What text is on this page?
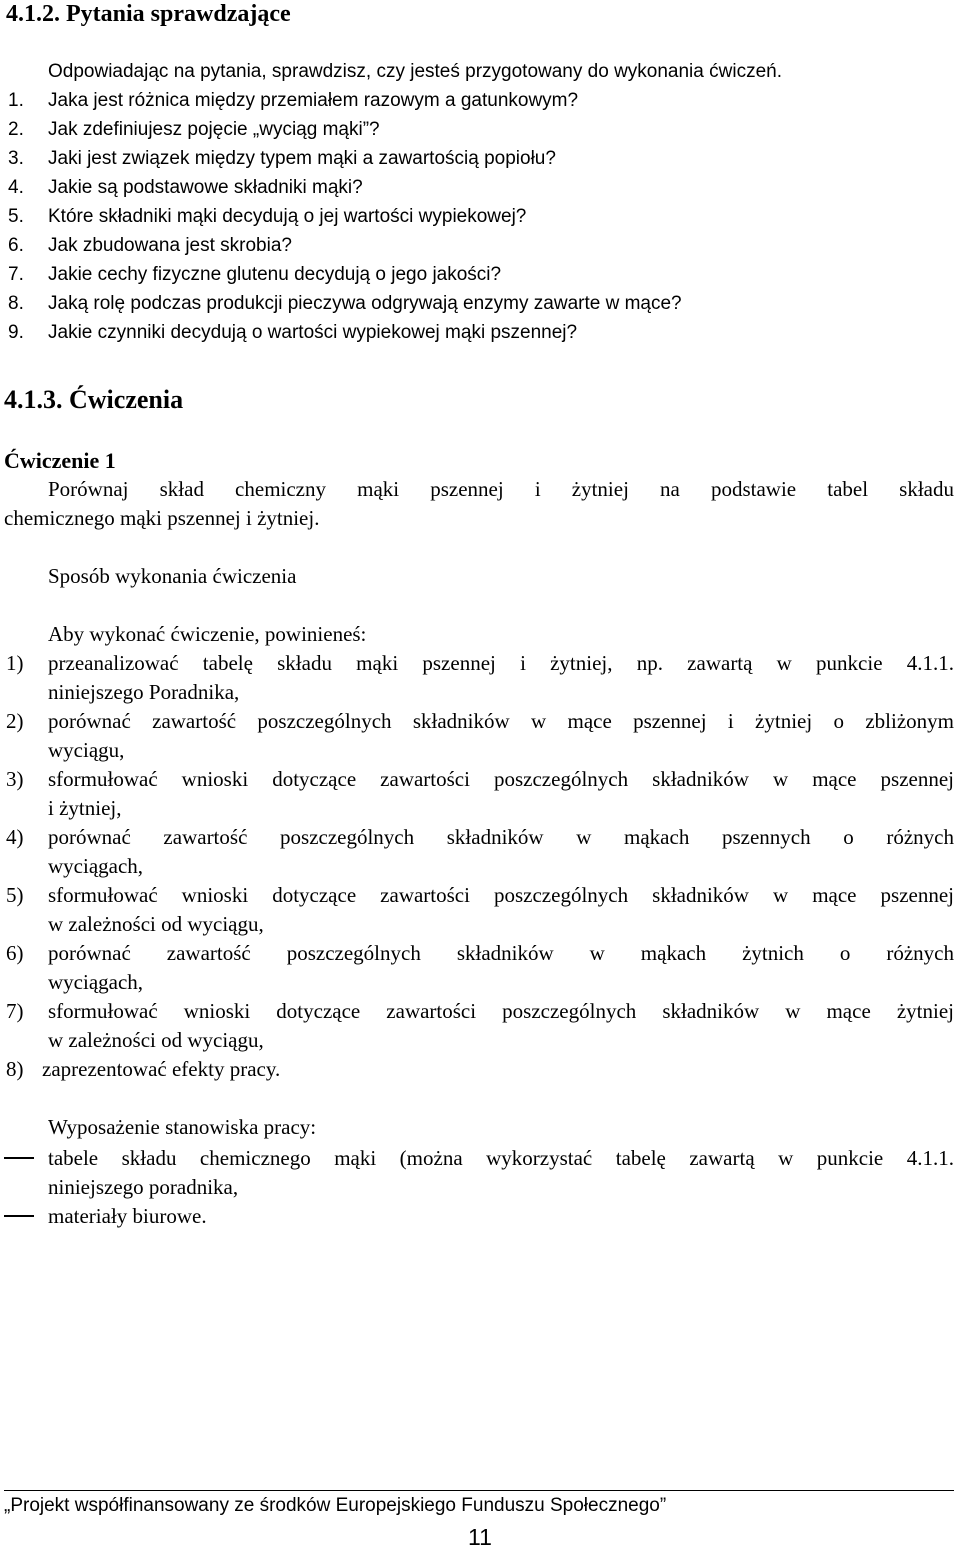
4.1.2. Pytania sprawdzające
Odpowiadając na pytania, sprawdzisz, czy jesteś przygotowany do wykonania ćwiczeń.
1. Jaka jest różnica między przemiałem razowym a gatunkowym?
2. Jak zdefiniujesz pojęcie „wyciąg mąki”?
3. Jaki jest związek między typem mąki a zawartością popiołu?
4. Jakie są podstawowe składniki mąki?
5. Które składniki mąki decydują o jej wartości wypiekowej?
6. Jak zbudowana jest skrobia?
7. Jakie cechy fizyczne glutenu decydują o jego jakości?
8. Jaką rolę podczas produkcji pieczywa odgrywają enzymy zawarte w mące?
9. Jakie czynniki decydują o wartości wypiekowej mąki pszennej?
4.1.3. Ćwiczenia
Ćwiczenie 1
Porównaj skład chemiczny mąki pszennej i żytniej na podstawie tabel składu
chemicznego mąki pszennej i żytniej.
Sposób wykonania ćwiczenia
Aby wykonać ćwiczenie, powinieneś:
1) przeanalizować tabelę składu mąki pszennej i żytniej, np. zawartą w punkcie 4.1.1.
niniejszego Poradnika,
2) porównać zawartość poszczególnych składników w mące pszennej i żytniej o zbliżonym
wyciągu,
3) sformułować wnioski dotyczące zawartości poszczególnych składników w mące pszennej
i żytniej,
4) porównać zawartość poszczególnych składników w mąkach pszennych o różnych
wyciągach,
5) sformułować wnioski dotyczące zawartości poszczególnych składników w mące pszennej
w zależności od wyciągu,
6) porównać zawartość poszczególnych składników w mąkach żytnich o różnych
wyciągach,
7) sformułować wnioski dotyczące zawartości poszczególnych składników w mące żytniej
w zależności od wyciągu,
8) zaprezentować efekty pracy.
Wyposażenie stanowiska pracy:
tabele składu chemicznego mąki (można wykorzystać tabelę zawartą w punkcie 4.1.1.
niniejszego poradnika,
materiały biurowe.
„Projekt współfinansowany ze środków Europejskiego Funduszu Społecznego”
11
